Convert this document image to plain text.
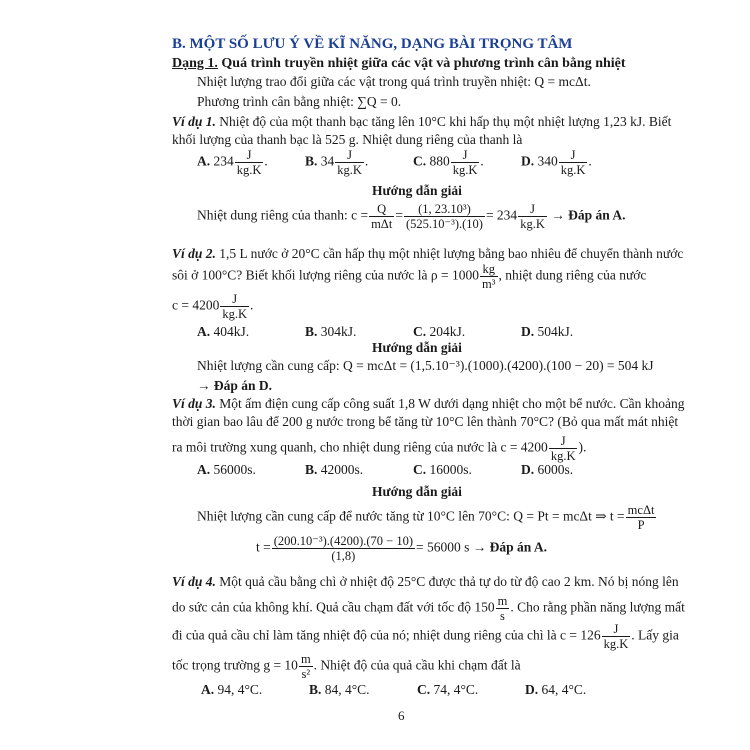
B. MỘT SỐ LƯU Ý VỀ KĨ NĂNG, DẠNG BÀI TRỌNG TÂM
Dạng 1. Quá trình truyền nhiệt giữa các vật và phương trình cân bằng nhiệt
Nhiệt lượng trao đổi giữa các vật trong quá trình truyền nhiệt: Q = mcΔt.
Phương trình cân bằng nhiệt: ∑Q = 0.
Ví dụ 1. Nhiệt độ của một thanh bạc tăng lên 10°C khi hấp thụ một nhiệt lượng 1,23 kJ. Biết
khối lượng của thanh bạc là 525 g. Nhiệt dung riêng của thanh là
A. $234 \frac{J}{kg.K}$ .	B. $34 \frac{J}{kg.K}$ .	C. $880 \frac{J}{kg.K}$ .	D. $340 \frac{J}{kg.K}$ .
Hướng dẫn giải
Nhiệt dung riêng của thanh: $c = \frac{Q}{\text{mΔt}} = \frac{\text{(1, 23.10³)}}{\text{(525.10⁻³).(10)}} = 234 \frac{J}{kg.K}$ → Đáp án A.
Ví dụ 2. 1,5 L nước ở 20°C cần hấp thụ một nhiệt lượng bằng bao nhiêu để chuyển thành nước
sôi ở 100°C? Biết khối lượng riêng của nước là $\rho = 1000 \frac{kg}{\text{m³}}$ , nhiệt dung riêng của nước
$c = 4200 \frac{J}{kg.K}$ .
A. 404kJ.	B. 304kJ.	C. 204kJ.	D. 504kJ.
Hướng dẫn giải
Nhiệt lượng cần cung cấp: Q = mcΔt = (1,5.10⁻³).(1000).(4200).(100 − 20) = 504 kJ
→ Đáp án D.
Ví dụ 3. Một ấm điện cung cấp công suất 1,8 W dưới dạng nhiệt cho một bể nước. Cần khoảng
thời gian bao lâu để 200 g nước trong bể tăng từ 10°C lên thành 70°C? (Bỏ qua mất mát nhiệt
ra môi trường xung quanh, cho nhiệt dung riêng của nước là $c = 4200 \frac{J}{kg.K}$ ).
A. 56000s.	B. 42000s.	C. 16000s.	D. 6000s.
Hướng dẫn giải
Nhiệt lượng cần cung cấp để nước tăng từ 10°C lên 70°C: Q = Pt = mcΔt ⇒ $t = \frac{\text{mcΔt}}{P}$
$t = \frac{\text{(200.10⁻³).(4200).(70 − 10)}}{(1,8)} = 56000$ s → Đáp án A.
Ví dụ 4. Một quả cầu bằng chì ở nhiệt độ 25°C được thả tự do từ độ cao 2 km. Nó bị nóng lên
do sức cản của không khí. Quả cầu chạm đất với tốc độ $150 \frac{m}{s}$ . Cho rằng phần năng lượng mất
đi của quả cầu chỉ làm tăng nhiệt độ của nó; nhiệt dung riêng của chì là $c = 126 \frac{J}{kg.K}$ . Lấy gia
tốc trọng trường $g = 10 \frac{m}{\text{s²}}$ . Nhiệt độ của quả cầu khi chạm đất là
A. 94, 4°C.	B. 84, 4°C.	C. 74, 4°C.	D. 64, 4°C.
6
